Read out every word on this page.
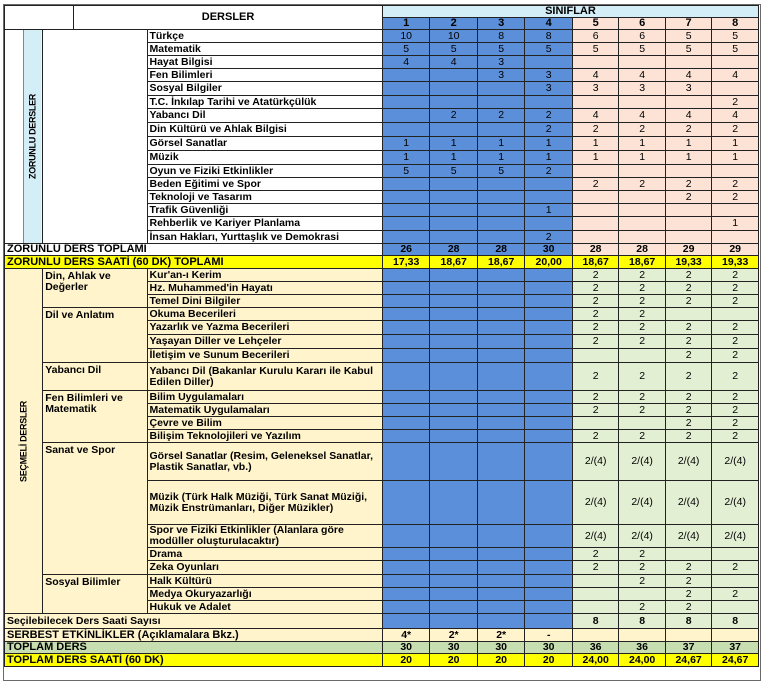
			DERSLER		SINIFLAR							
					1	2	3	4	5	6	7	8
	ZORUNLU DERSLER			Türkçe	10	10	8	8	6	6	5	5
				Matematik	5	5	5	5	5	5	5	5
				Hayat Bilgisi	4	4	3					
				Fen Bilimleri			3	3	4	4	4	4
				Sosyal Bilgiler				3	3	3	3	
				T.C. İnkılap Tarihi ve Atatürkçülük								2
				Yabancı Dil		2	2	2	4	4	4	4
				Din Kültürü ve Ahlak Bilgisi				2	2	2	2	2
				Görsel Sanatlar	1	1	1	1	1	1	1	1
				Müzik	1	1	1	1	1	1	1	1
				Oyun ve Fiziki Etkinlikler	5	5	5	2				
				Beden Eğitimi ve Spor					2	2	2	2
				Teknoloji ve Tasarım							2	2
				Trafik Güvenliği				1				
				Rehberlik ve Kariyer Planlama								1
				İnsan Hakları, Yurttaşlık ve Demokrasi				2				
ZORUNLU DERS TOPLAMI					26	28	28	30	28	28	29	29
ZORUNLU DERS SAATİ (60 DK) TOPLAMI					17,33	18,67	18,67	20,00	18,67	18,67	19,33	19,33
SEÇMELİ DERSLER		Din, Ahlak ve Değerler		Kur'an-ı Kerim					2	2	2	2
				Hz. Muhammed'in Hayatı					2	2	2	2
				Temel Dini Bilgiler					2	2	2	2
		Dil ve Anlatım		Okuma Becerileri					2	2		
				Yazarlık ve Yazma Becerileri					2	2	2	2
				Yaşayan Diller ve Lehçeler					2	2	2	2
				İletişim ve Sunum Becerileri							2	2
		Yabancı Dil		Yabancı Dil (Bakanlar Kurulu Kararı ile Kabul Edilen Diller)					2	2	2	2
		Fen Bilimleri ve Matematik		Bilim Uygulamaları					2	2	2	2
				Matematik Uygulamaları					2	2	2	2
				Çevre ve Bilim							2	2
				Bilişim Teknolojileri ve Yazılım					2	2	2	2
		Sanat ve Spor		Görsel Sanatlar (Resim, Geleneksel Sanatlar, Plastik Sanatlar, vb.)					2/(4)	2/(4)	2/(4)	2/(4)
				Müzik (Türk Halk Müziği, Türk Sanat Müziği, Müzik Enstrümanları, Diğer Müzikler)					2/(4)	2/(4)	2/(4)	2/(4)
				Spor ve Fiziki Etkinlikler (Alanlara göre modüller oluşturulacaktır)					2/(4)	2/(4)	2/(4)	2/(4)
				Drama					2	2		
				Zeka Oyunları					2	2	2	2
		Sosyal Bilimler		Halk Kültürü						2	2	
				Medya Okuryazarlığı							2	2
				Hukuk ve Adalet						2	2	
Seçilebilecek Ders Saati Sayısı									8	8	8	8
SERBEST ETKİNLİKLER (Açıklamalara Bkz.)					4*	2*	2*	-				
TOPLAM DERS					30	30	30	30	36	36	37	37
TOPLAM DERS SAATİ (60 DK)					20	20	20	20	24,00	24,00	24,67	24,67
